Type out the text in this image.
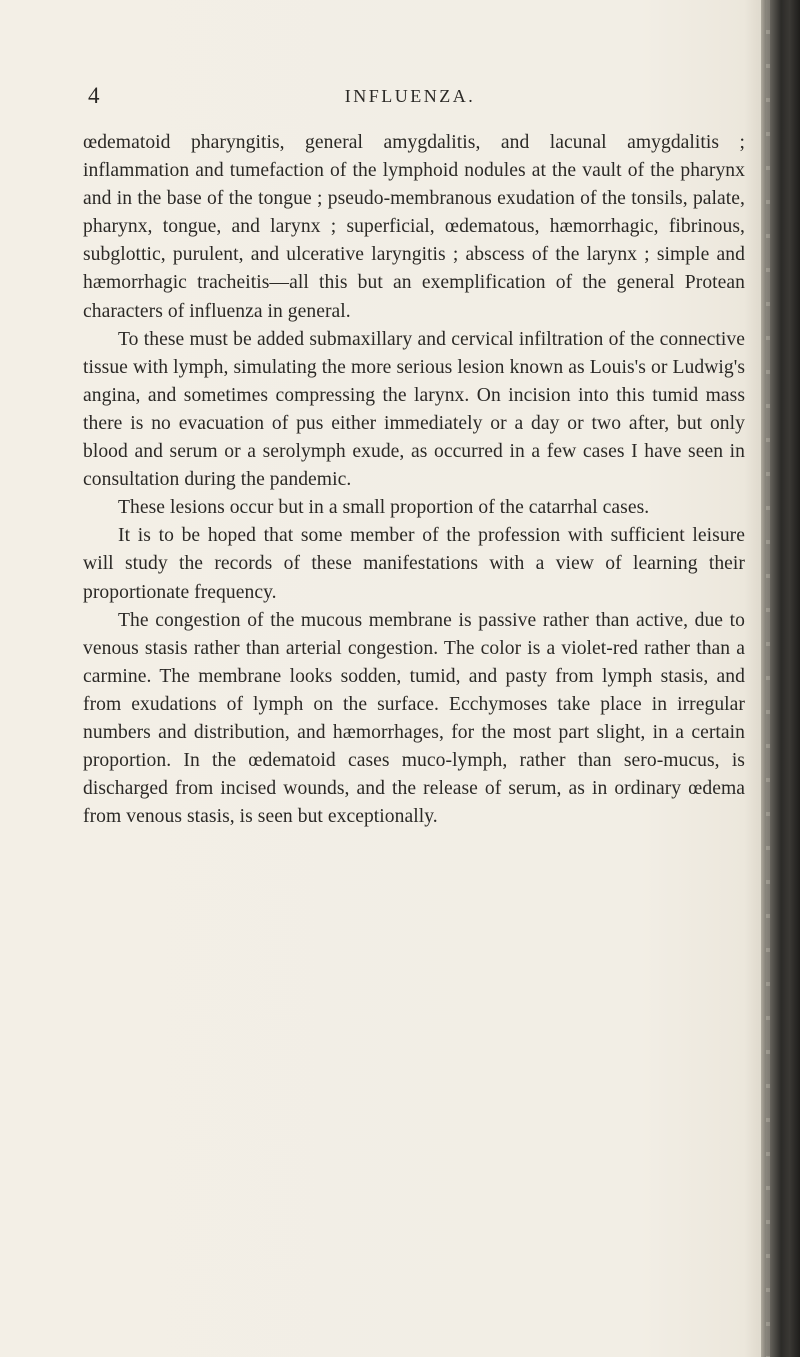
4	INFLUENZA.

œdematoid pharyngitis, general amygdalitis, and lacunal amygdalitis ; inflammation and tumefaction of the lymphoid nodules at the vault of the pharynx and in the base of the tongue ; pseudo-membranous exudation of the tonsils, palate, pharynx, tongue, and larynx ; superficial, œdematous, hæmorrhagic, fibrinous, subglottic, purulent, and ulcerative laryngitis ; abscess of the larynx ; simple and hæmorrhagic tracheitis—all this but an exemplification of the general Protean characters of influenza in general.

To these must be added submaxillary and cervical infiltration of the connective tissue with lymph, simulating the more serious lesion known as Louis's or Ludwig's angina, and sometimes compressing the larynx. On incision into this tumid mass there is no evacuation of pus either immediately or a day or two after, but only blood and serum or a serolymph exude, as occurred in a few cases I have seen in consultation during the pandemic.

These lesions occur but in a small proportion of the catarrhal cases.

It is to be hoped that some member of the profession with sufficient leisure will study the records of these manifestations with a view of learning their proportionate frequency.

The congestion of the mucous membrane is passive rather than active, due to venous stasis rather than arterial congestion. The color is a violet-red rather than a carmine. The membrane looks sodden, tumid, and pasty from lymph stasis, and from exudations of lymph on the surface. Ecchymoses take place in irregular numbers and distribution, and hæmorrhages, for the most part slight, in a certain proportion. In the œdematoid cases muco-lymph, rather than sero-mucus, is discharged from incised wounds, and the release of serum, as in ordinary œdema from venous stasis, is seen but exceptionally.
